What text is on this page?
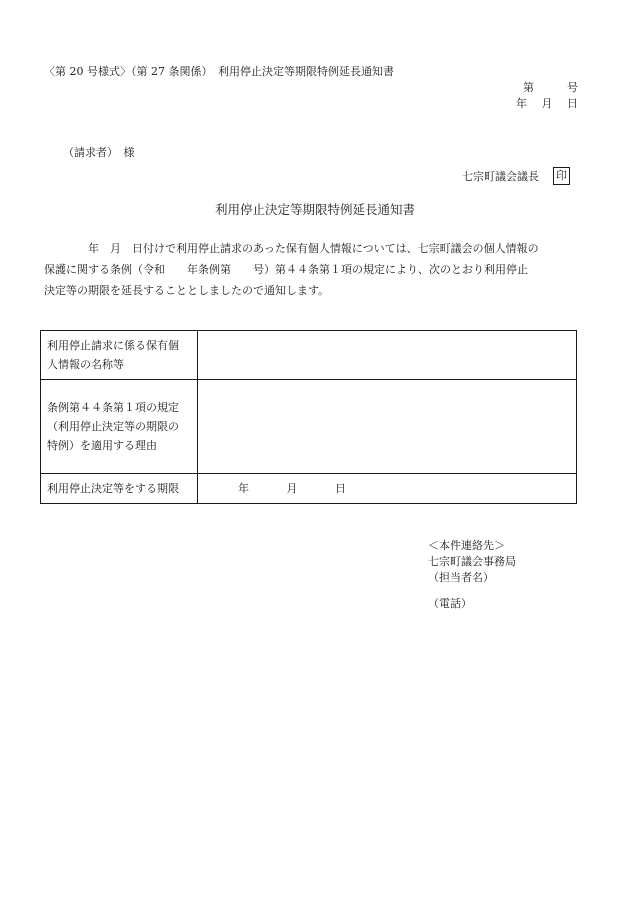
〈第 20 号様式〉（第 27 条関係）　利用停止決定等期限特例延長通知書
第　　　号
年　 月　 日
（請求者）　様
七宗町議会議長 印
利用停止決定等期限特例延長通知書
　　　　年　月　日付けで利用停止請求のあった保有個人情報については、七宗町議会の個人情報の
保護に関する条例（令和　　年条例第　　号）第４４条第１項の規定により、次のとおり利用停止
決定等の期限を延長することとしましたので通知します。
利用停止請求に係る保有個
人情報の名称等	
条例第４４条第１項の規定
（利用停止決定等の期限の
特例）を適用する理由	
利用停止決定等をする期限	年 月 日
＜本件連絡先＞
七宗町議会事務局
（担当者名）
（電話）
